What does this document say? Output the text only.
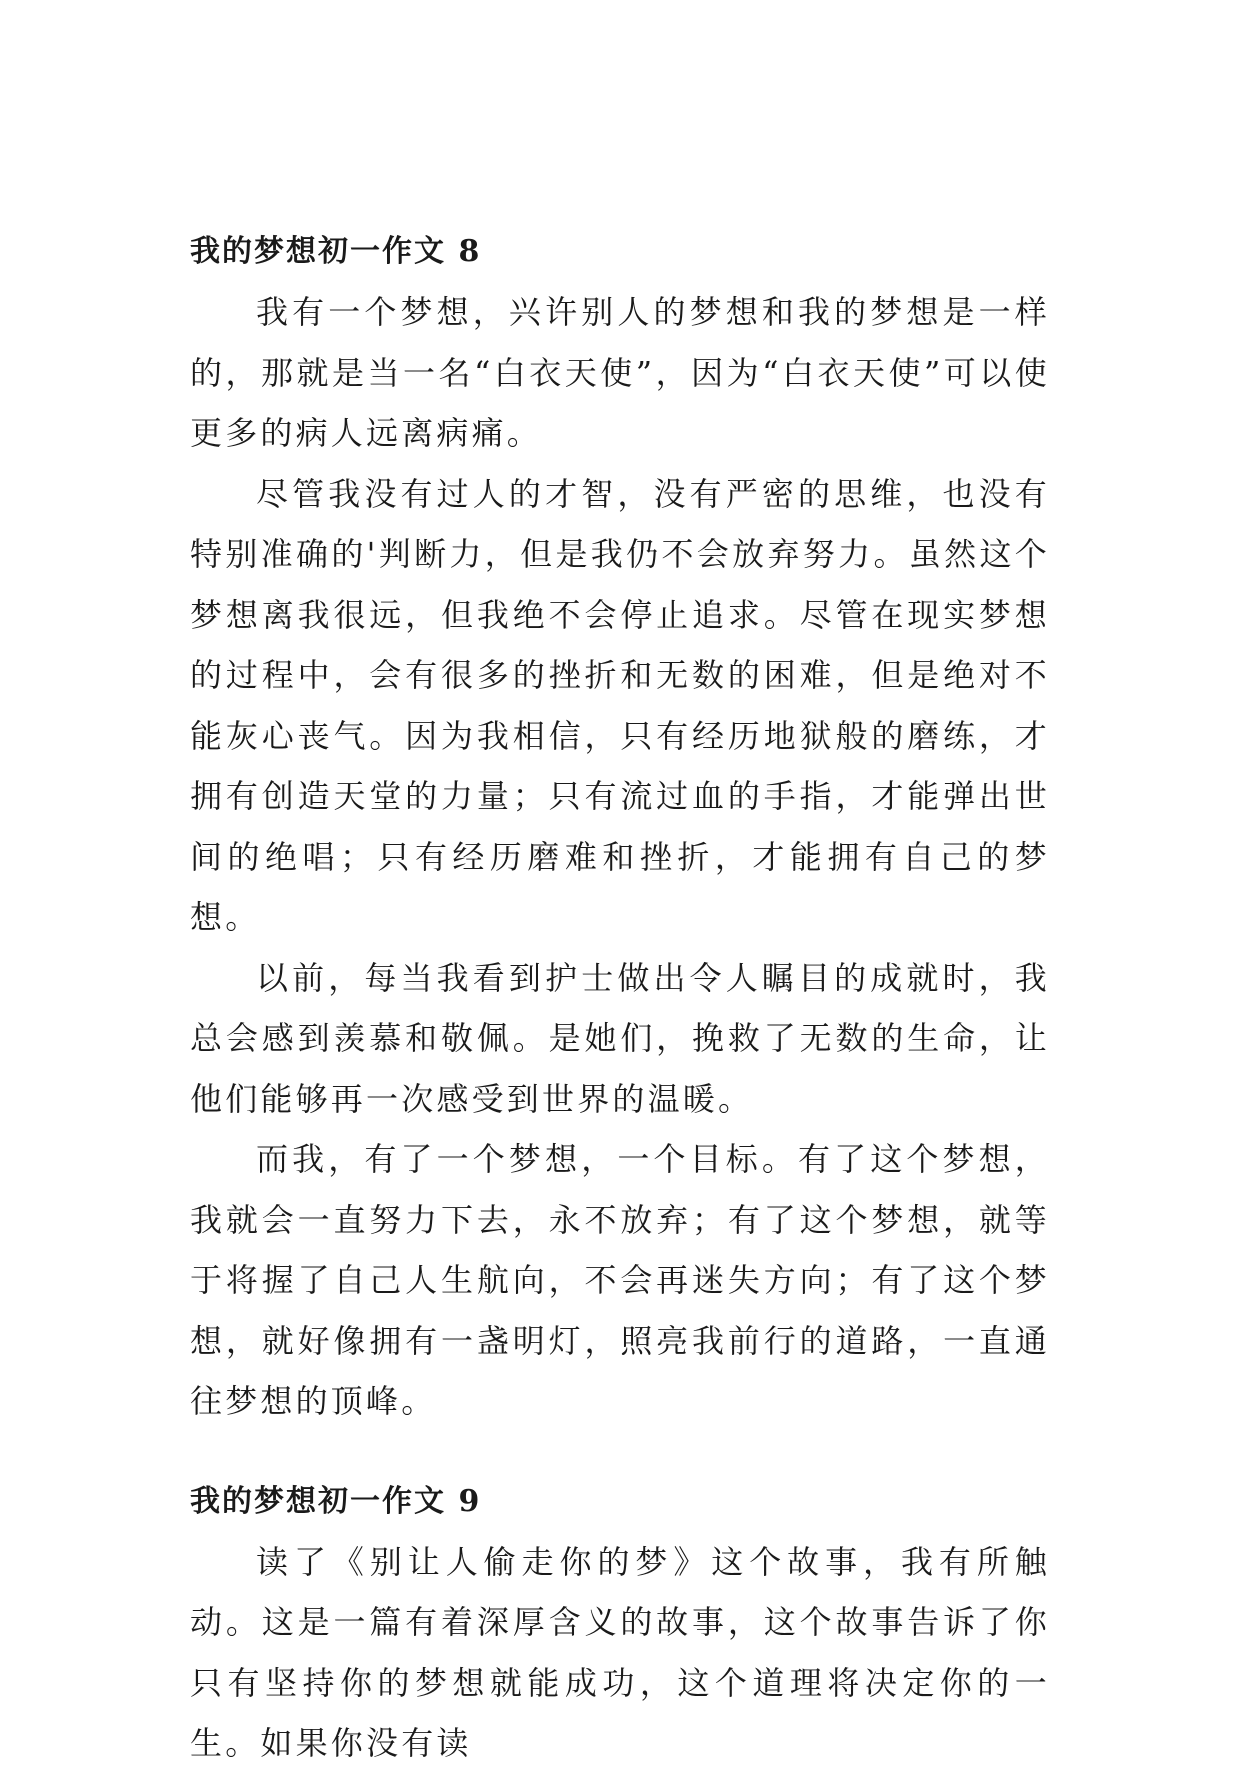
我的梦想初一作文 8

我有一个梦想，兴许别人的梦想和我的梦想是一样的，那就是当一名“白衣天使”，因为“白衣天使”可以使更多的病人远离病痛。

尽管我没有过人的才智，没有严密的思维，也没有特别准确的'判断力，但是我仍不会放弃努力。虽然这个梦想离我很远，但我绝不会停止追求。尽管在现实梦想的过程中，会有很多的挫折和无数的困难，但是绝对不能灰心丧气。因为我相信，只有经历地狱般的磨练，才拥有创造天堂的力量；只有流过血的手指，才能弹出世间的绝唱；只有经历磨难和挫折，才能拥有自己的梦想。

以前，每当我看到护士做出令人瞩目的成就时，我总会感到羡慕和敬佩。是她们，挽救了无数的生命，让他们能够再一次感受到世界的温暖。

而我，有了一个梦想，一个目标。有了这个梦想，我就会一直努力下去，永不放弃；有了这个梦想，就等于将握了自己人生航向，不会再迷失方向；有了这个梦想，就好像拥有一盏明灯，照亮我前行的道路，一直通往梦想的顶峰。

我的梦想初一作文 9

读了《别让人偷走你的梦》这个故事，我有所触动。这是一篇有着深厚含义的故事，这个故事告诉了你只有坚持你的梦想就能成功，这个道理将决定你的一生。如果你没有读
